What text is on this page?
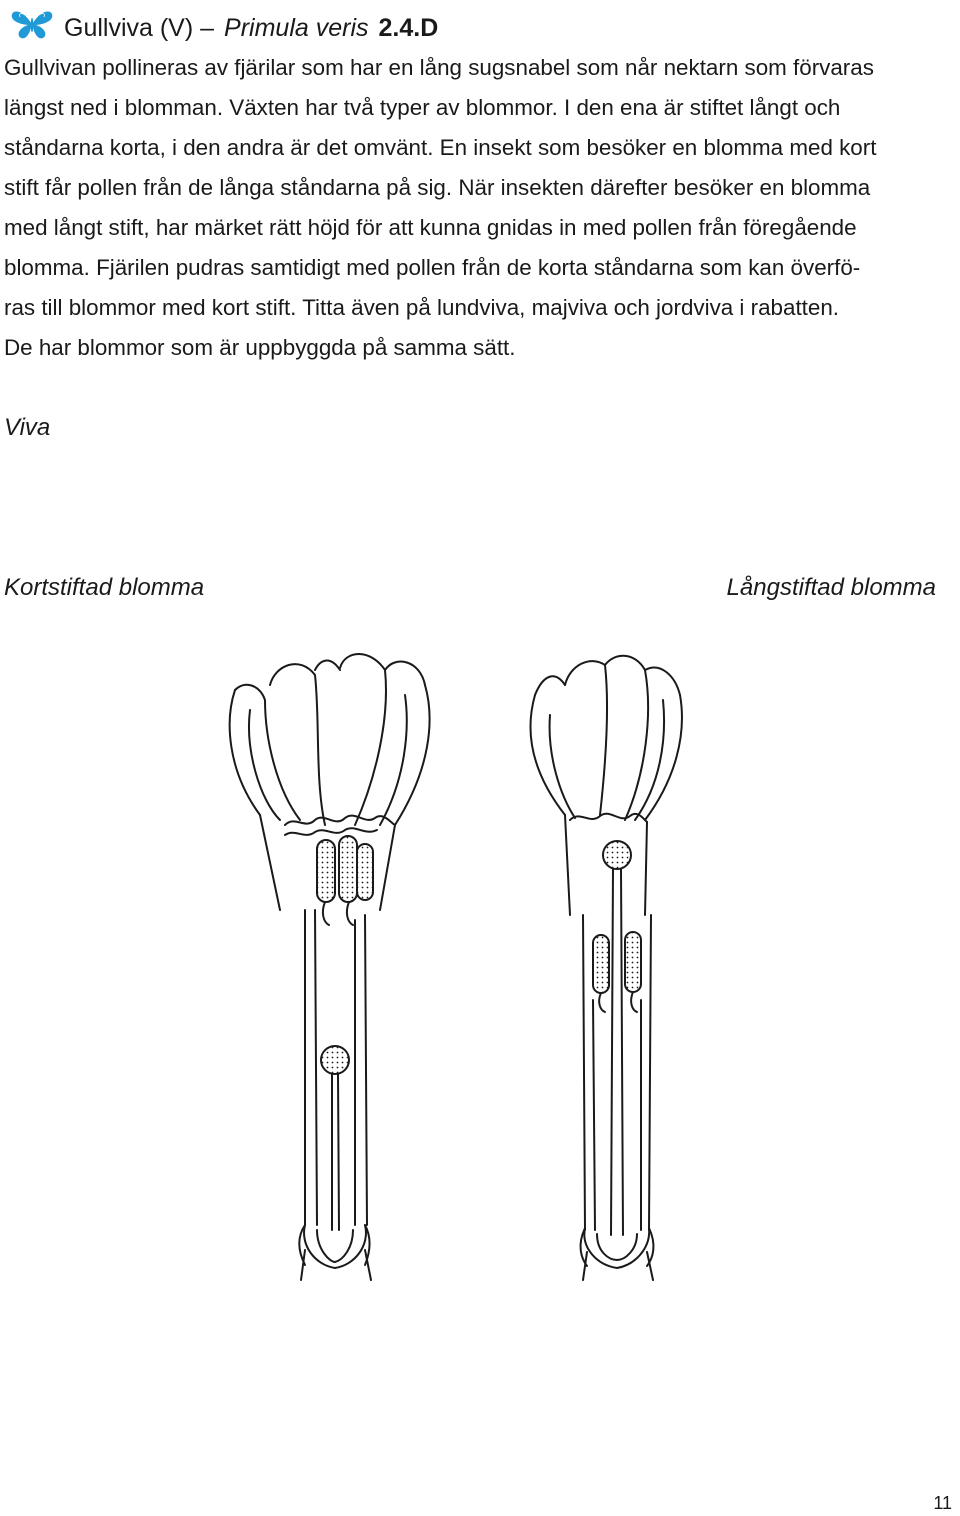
Gullviva (V) – Primula veris 2.4.D

Gullvivan pollineras av fjärilar som har en lång sugsnabel som når nektarn som förvaras
längst ned i blomman. Växten har två typer av blommor. I den ena är stiftet långt och
ståndarna korta, i den andra är det omvänt. En insekt som besöker en blomma med kort
stift får pollen från de långa ståndarna på sig. När insekten därefter besöker en blomma
med långt stift, har märket rätt höjd för att kunna gnidas in med pollen från föregående
blomma. Fjärilen pudras samtidigt med pollen från de korta ståndarna som kan överfö-
ras till blommor med kort stift. Titta även på lundviva, majviva och jordviva i rabatten.
De har blommor som är uppbyggda på samma sätt.

Viva

Kortstiftad blomma	Långstiftad blomma

11
